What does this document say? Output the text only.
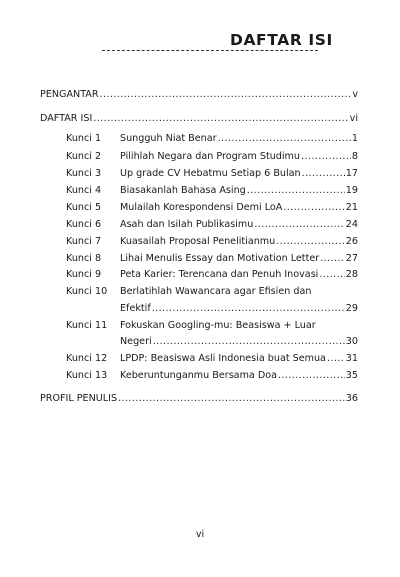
DAFTAR ISI
PENGANTAR .....	v
DAFTAR ISI .....	vi
Kunci 1 Sungguh Niat Benar .....	1
Kunci 2 Pilihlah Negara dan Program Studimu .....	8
Kunci 3 Up grade CV Hebatmu Setiap 6 Bulan .....	17
Kunci 4 Biasakanlah Bahasa Asing .....	19
Kunci 5 Mulailah Korespondensi Demi LoA .....	21
Kunci 6 Asah dan Isilah Publikasimu .....	24
Kunci 7 Kuasailah Proposal Penelitianmu .....	26
Kunci 8 Lihai Menulis Essay dan Motivation Letter .....	27
Kunci 9 Peta Karier: Terencana dan Penuh Inovasi .....	28
Kunci 10 Berlatihlah Wawancara agar Efisien dan
Efektif .....	29
Kunci 11 Fokuskan Googling-mu: Beasiswa + Luar
Negeri .....	30
Kunci 12 LPDP: Beasiswa Asli Indonesia buat Semua ..... 31
Kunci 13 Keberuntunganmu Bersama Doa .....	35
PROFIL PENULIS .....	36
vi
